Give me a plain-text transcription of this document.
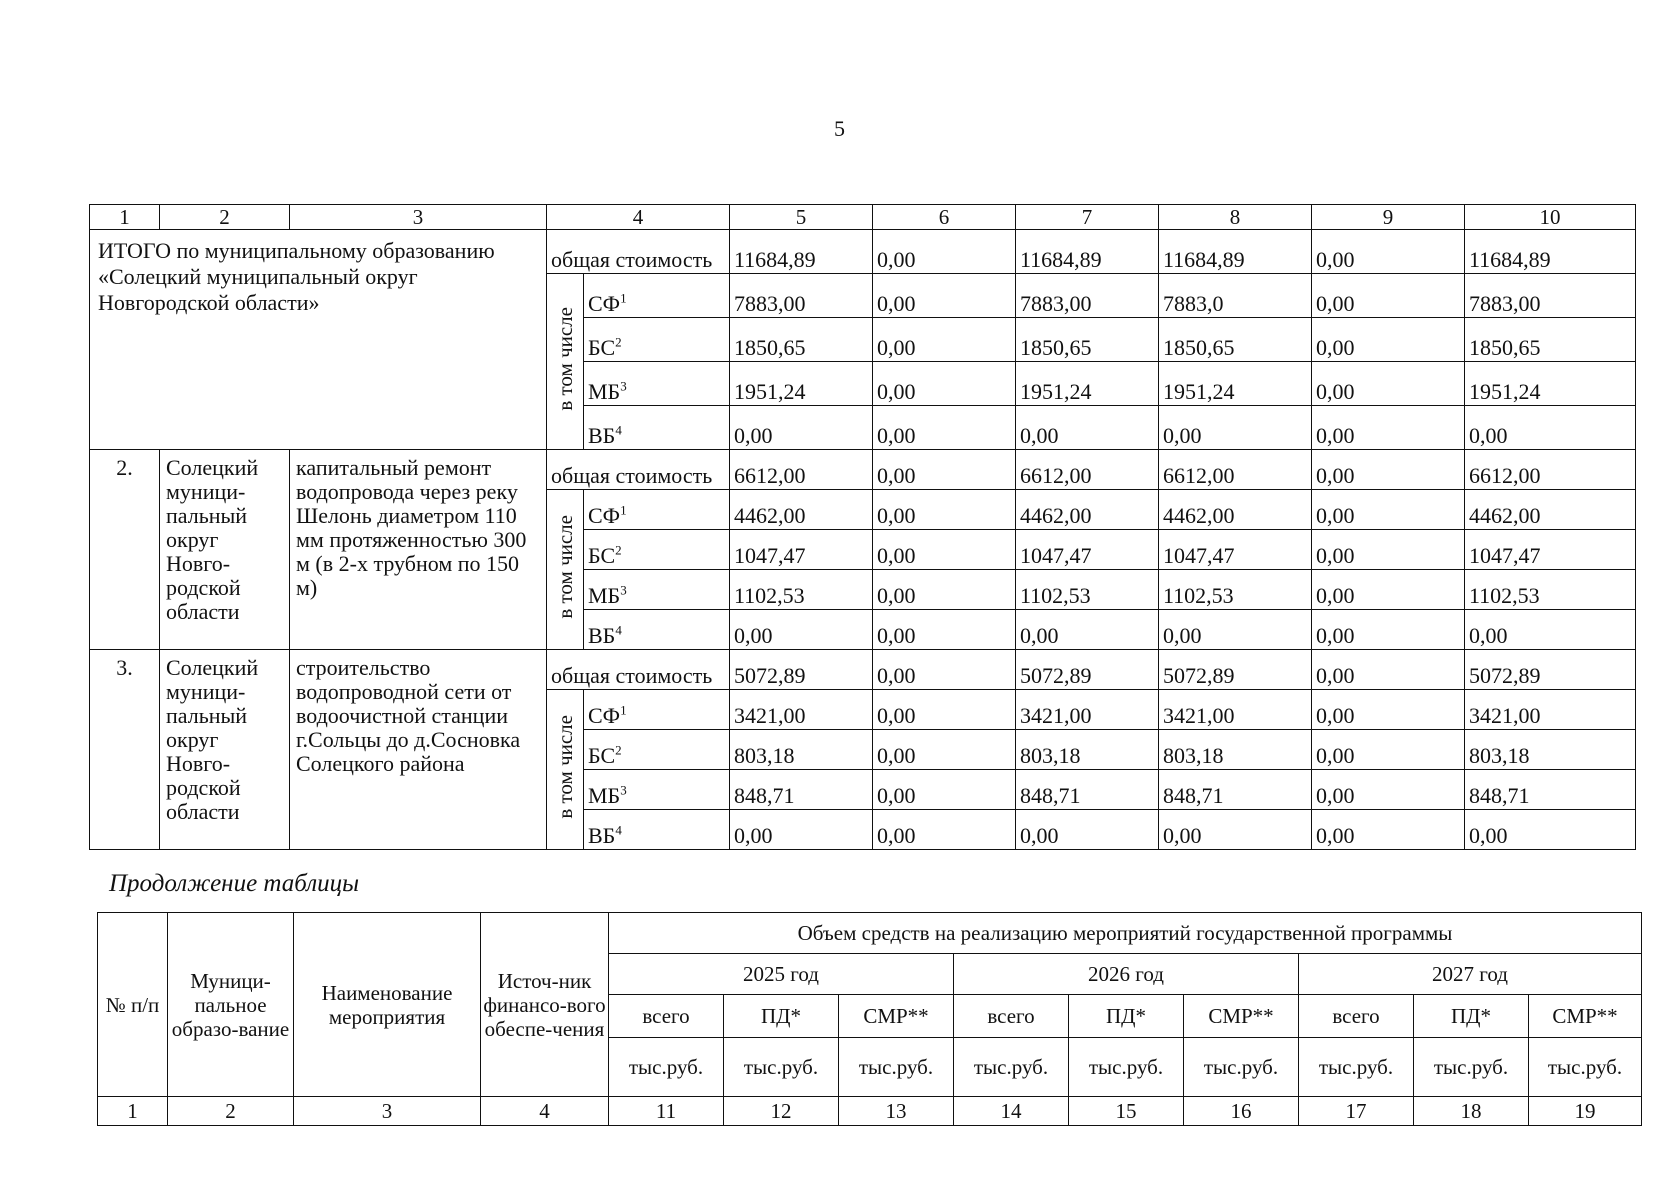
5
1	2	3	4		5	6	7	8	9	10
ИТОГО по муниципальному образованию «Солецкий муниципальный округ Новгородской области»			общая стоимость		11684,89	0,00	11684,89	11684,89	0,00	11684,89
			в том числе	$СФ^1$	7883,00	0,00	7883,00	7883,0	0,00	7883,00
				$БС^2$	1850,65	0,00	1850,65	1850,65	0,00	1850,65
				$МБ^3$	1951,24	0,00	1951,24	1951,24	0,00	1951,24
				$ВБ^4$	0,00	0,00	0,00	0,00	0,00	0,00
2.	Солецкий муници-пальный округ Новго-родской области	капитальный ремонт водопровода через реку Шелонь диаметром 110 мм протяженностью 300 м (в 2-х трубном по 150 м)	общая стоимость		6612,00	0,00	6612,00	6612,00	0,00	6612,00
			в том числе	$СФ^1$	4462,00	0,00	4462,00	4462,00	0,00	4462,00
				$БС^2$	1047,47	0,00	1047,47	1047,47	0,00	1047,47
				$МБ^3$	1102,53	0,00	1102,53	1102,53	0,00	1102,53
				$ВБ^4$	0,00	0,00	0,00	0,00	0,00	0,00
3.	Солецкий муници-пальный округ Новго-родской области	строительство водопроводной сети от водоочистной станции г.Сольцы до д.Сосновка Солецкого района	общая стоимость		5072,89	0,00	5072,89	5072,89	0,00	5072,89
			в том числе	$СФ^1$	3421,00	0,00	3421,00	3421,00	0,00	3421,00
				$БС^2$	803,18	0,00	803,18	803,18	0,00	803,18
				$МБ^3$	848,71	0,00	848,71	848,71	0,00	848,71
				$ВБ^4$	0,00	0,00	0,00	0,00	0,00	0,00
Продолжение таблицы
№ п/п	Муници-пальное образо-вание	Наименование мероприятия	Источ-ник финансо-вого обеспе-чения	Объем средств на реализацию мероприятий государственной программы								
				2025 год			2026 год			2027 год		
				всего	ПД*	СМР**	всего	ПД*	СМР**	всего	ПД*	СМР**
				тыс.руб.	тыс.руб.	тыс.руб.	тыс.руб.	тыс.руб.	тыс.руб.	тыс.руб.	тыс.руб.	тыс.руб.
1	2	3	4	11	12	13	14	15	16	17	18	19
